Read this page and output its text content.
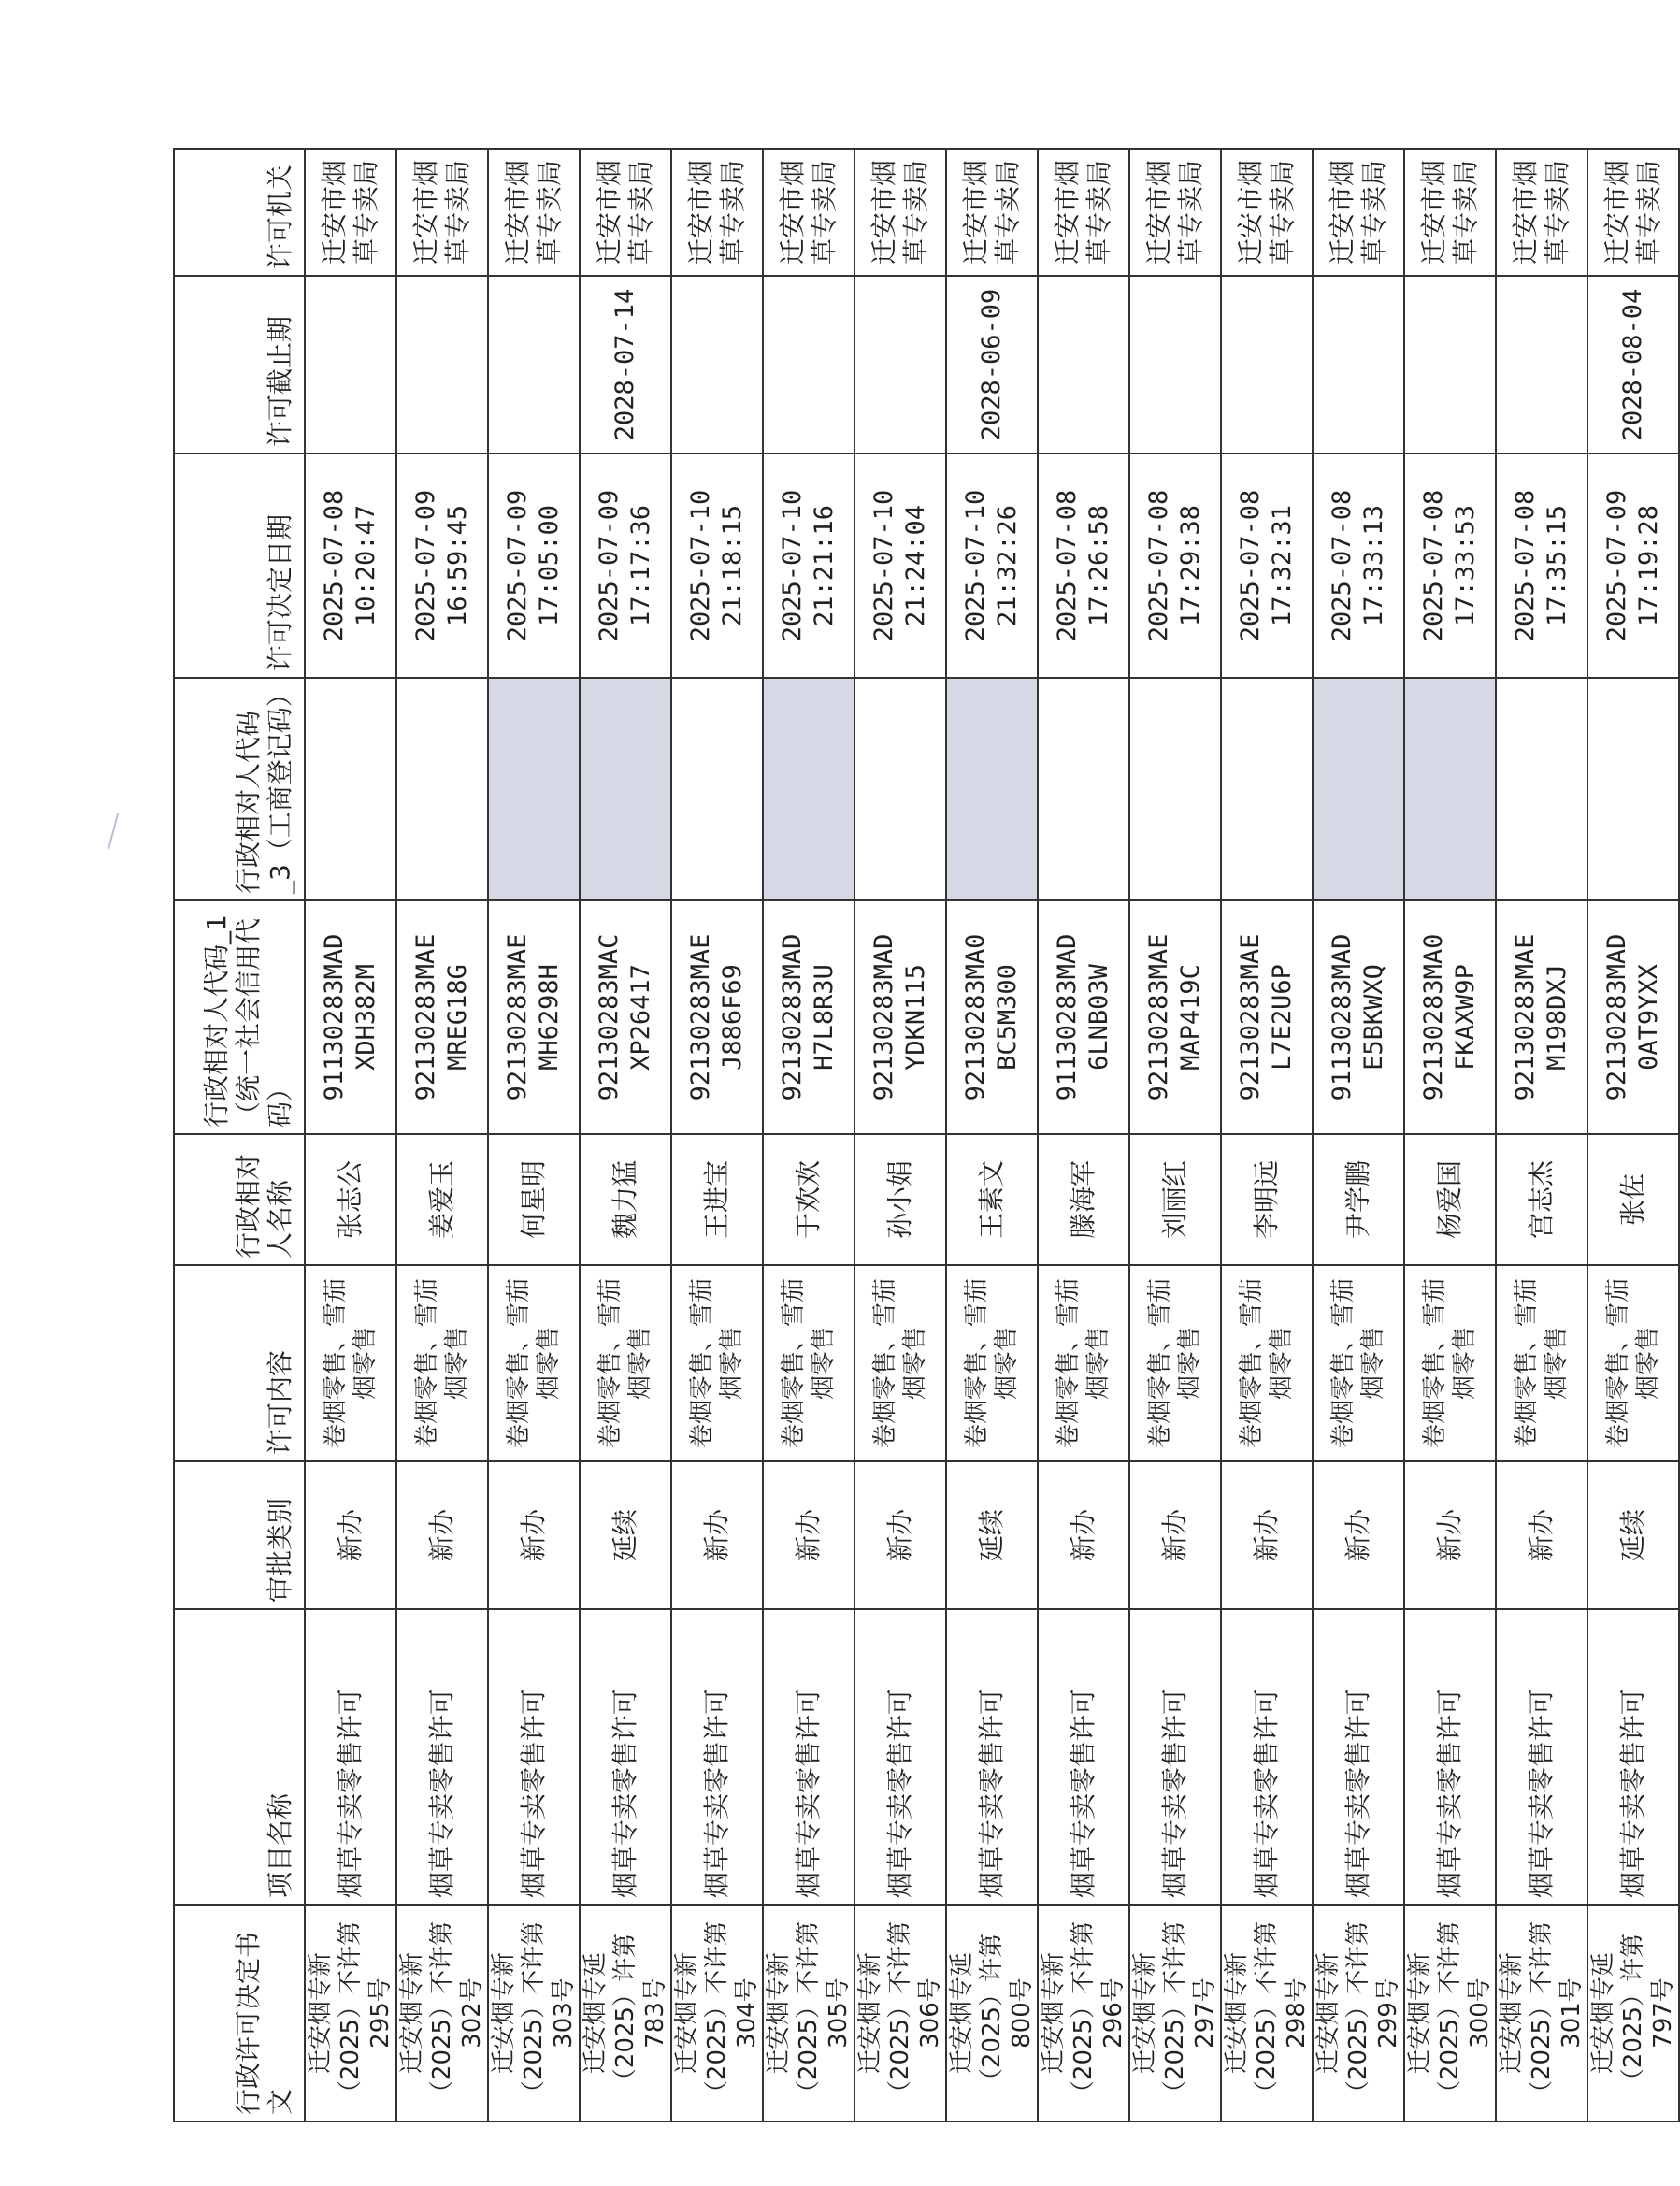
行政许可决定书文	项目名称	审批类别	许可内容	行政相对人名称	行政相对人代码_1（统一社会信用代码）	行政相对人代码_3（工商登记码）	许可决定日期	许可截止期	许可机关
迁安烟专新（2025）不许第295号	烟草专卖零售许可	新办	卷烟零售、雪茄烟零售	张志公	91130283MAD XDH382M		2025-07-08 10:20:47		迁安市烟草专卖局
迁安烟专新（2025）不许第302号	烟草专卖零售许可	新办	卷烟零售、雪茄烟零售	姜爱玉	92130283MAE MREG18G		2025-07-09 16:59:45		迁安市烟草专卖局
迁安烟专新（2025）不许第303号	烟草专卖零售许可	新办	卷烟零售、雪茄烟零售	何星明	92130283MAE MH6298H		2025-07-09 17:05:00		迁安市烟草专卖局
迁安烟专延（2025）许第783号	烟草专卖零售许可	延续	卷烟零售、雪茄烟零售	魏力猛	92130283MAC XP26417		2025-07-09 17:17:36	2028-07-14	迁安市烟草专卖局
迁安烟专新（2025）不许第304号	烟草专卖零售许可	新办	卷烟零售、雪茄烟零售	王进宝	92130283MAE J886F69		2025-07-10 21:18:15		迁安市烟草专卖局
迁安烟专新（2025）不许第305号	烟草专卖零售许可	新办	卷烟零售、雪茄烟零售	于欢欢	92130283MAD H7L8R3U		2025-07-10 21:21:16		迁安市烟草专卖局
迁安烟专新（2025）不许第306号	烟草专卖零售许可	新办	卷烟零售、雪茄烟零售	孙小娟	92130283MAD YDKN115		2025-07-10 21:24:04		迁安市烟草专卖局
迁安烟专延（2025）许第800号	烟草专卖零售许可	延续	卷烟零售、雪茄烟零售	王素文	92130283MA0 BC5M300		2025-07-10 21:32:26	2028-06-09	迁安市烟草专卖局
迁安烟专新（2025）不许第296号	烟草专卖零售许可	新办	卷烟零售、雪茄烟零售	滕海军	91130283MAD 6LNB03W		2025-07-08 17:26:58		迁安市烟草专卖局
迁安烟专新（2025）不许第297号	烟草专卖零售许可	新办	卷烟零售、雪茄烟零售	刘丽红	92130283MAE MAP419C		2025-07-08 17:29:38		迁安市烟草专卖局
迁安烟专新（2025）不许第298号	烟草专卖零售许可	新办	卷烟零售、雪茄烟零售	李明远	92130283MAE L7E2U6P		2025-07-08 17:32:31		迁安市烟草专卖局
迁安烟专新（2025）不许第299号	烟草专卖零售许可	新办	卷烟零售、雪茄烟零售	尹学鹏	91130283MAD E5BKWXQ		2025-07-08 17:33:13		迁安市烟草专卖局
迁安烟专新（2025）不许第300号	烟草专卖零售许可	新办	卷烟零售、雪茄烟零售	杨爱国	92130283MA0 FKAXW9P		2025-07-08 17:33:53		迁安市烟草专卖局
迁安烟专新（2025）不许第301号	烟草专卖零售许可	新办	卷烟零售、雪茄烟零售	宫志杰	92130283MAE M198DXJ		2025-07-08 17:35:15		迁安市烟草专卖局
迁安烟专延（2025）许第797号	烟草专卖零售许可	延续	卷烟零售、雪茄烟零售	张佐	92130283MAD 0AT9YXX		2025-07-09 17:19:28	2028-08-04	迁安市烟草专卖局
